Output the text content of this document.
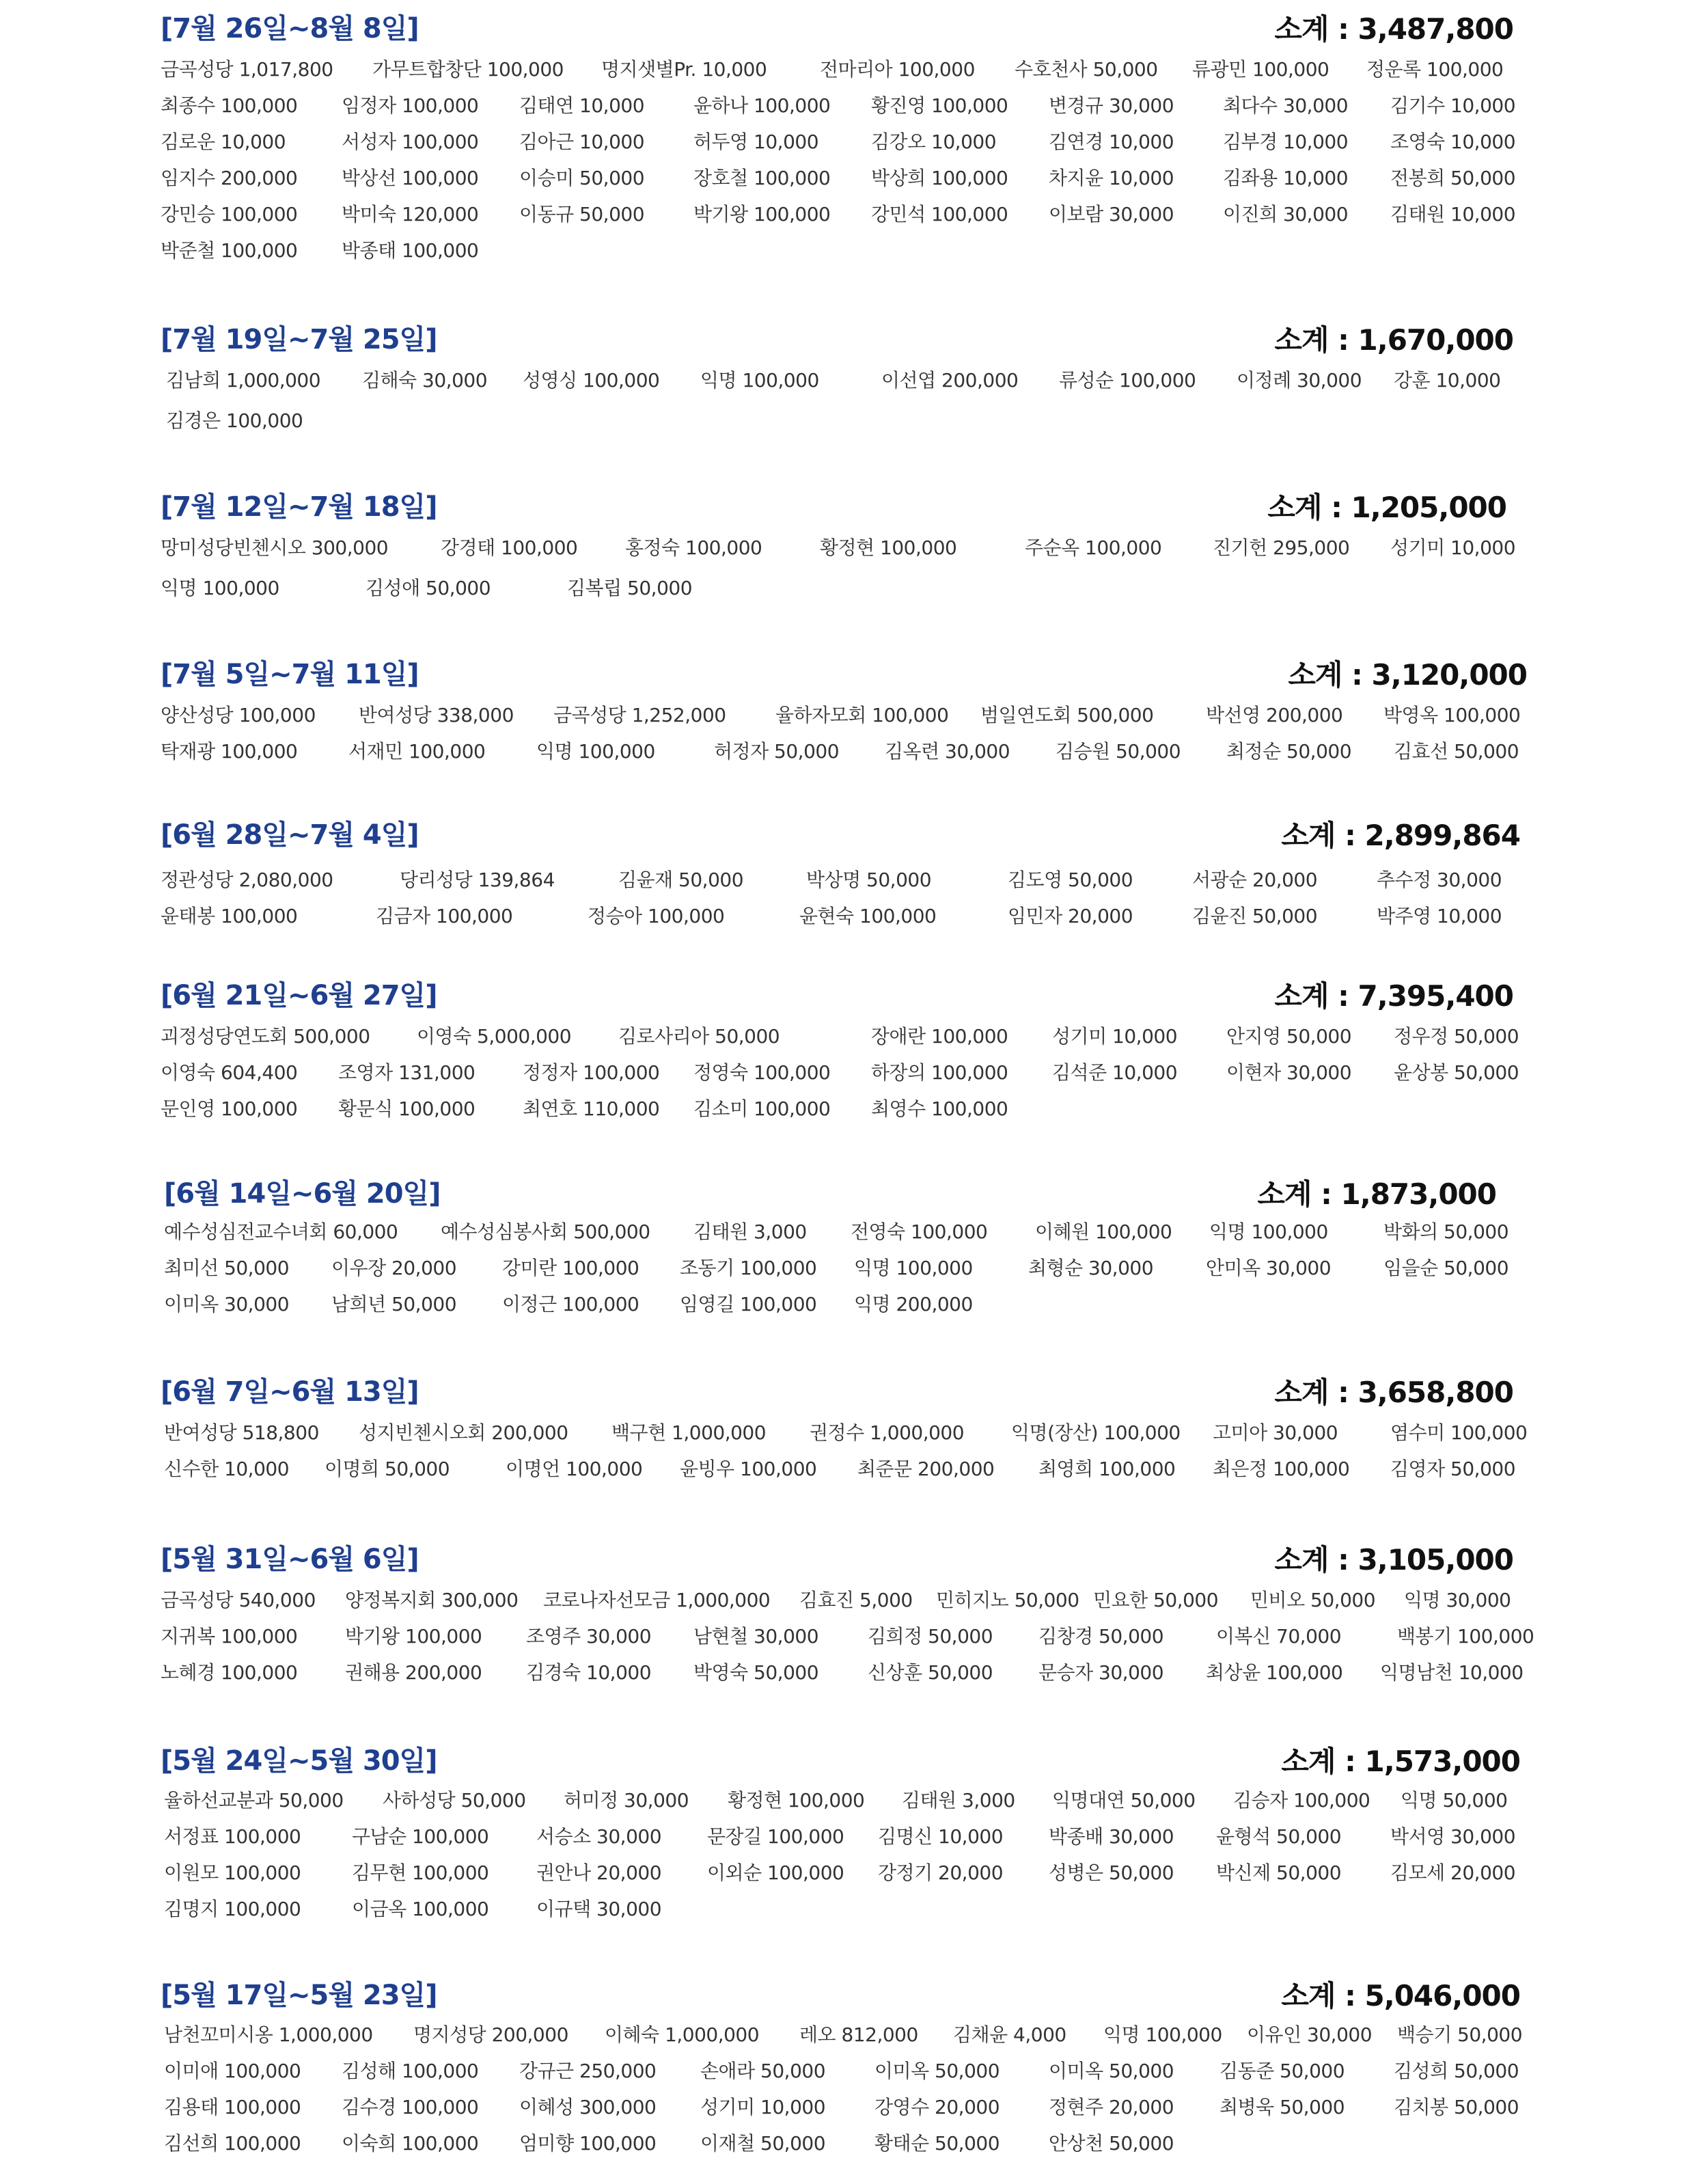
[7월 26일~8월 8일]	소계 : 3,487,800
금곡성당 1,017,800 가무트합창단 100,000 명지샛별Pr. 10,000	전마리아 100,000 수호천사 50,000 류광민 100,000 정운록 100,000
최종수 100,000 임정자 100,000 김태연 10,000	윤하나 100,000 황진영 100,000 변경규 30,000	최다수 30,000 김기수 10,000
김로운 10,000	서성자 100,000 김아근 10,000	허두영 10,000	김강오 10,000	김연경 10,000	김부경 10,000 조영숙 10,000
임지수 200,000 박상선 100,000 이승미 50,000	장호철 100,000 박상희 100,000 차지윤 10,000	김좌용 10,000 전봉희 50,000
강민승 100,000 박미숙 120,000 이동규 50,000	박기왕 100,000 강민석 100,000 이보람 30,000	이진희 30,000 김태원 10,000
박준철 100,000 박종태 100,000
[7월 19일~7월 25일]	소계 : 1,670,000
김남희 1,000,000 김해숙 30,000 성영싱 100,000 익명 100,000	이선엽 200,000 류성순 100,000 이정례 30,000 강훈 10,000
김경은 100,000
[7월 12일~7월 18일]	소계 : 1,205,000
망미성당빈첸시오 300,000	강경태 100,000 홍정숙 100,000	황정현 100,000	주순옥 100,000	진기헌 295,000 성기미 10,000
익명 100,000	김성애 50,000	김복립 50,000
[7월 5일~7월 11일]	소계 : 3,120,000
양산성당 100,000 반여성당 338,000 금곡성당 1,252,000	율하자모회 100,000 범일연도회 500,000	박선영 200,000 박영옥 100,000
탁재광 100,000	서재민 100,000	익명 100,000	허정자 50,000 김옥련 30,000 김승원 50,000 최정순 50,000 김효선 50,000
[6월 28일~7월 4일]	소계 : 2,899,864
정관성당 2,080,000	당리성당 139,864	김윤재 50,000	박상명 50,000	김도영 50,000	서광순 20,000	추수정 30,000
윤태봉 100,000	김금자 100,000	정승아 100,000	윤현숙 100,000	임민자 20,000	김윤진 50,000	박주영 10,000
[6월 21일~6월 27일]	소계 : 7,395,400
괴정성당연도회 500,000 이영숙 5,000,000 김로사리아 50,000	장애란 100,000 성기미 10,000	안지영 50,000 정우정 50,000
이영숙 604,400 조영자 131,000 정정자 100,000 정영숙 100,000 하장의 100,000 김석준 10,000	이현자 30,000 윤상봉 50,000
문인영 100,000 황문식 100,000 최연호 110,000 김소미 100,000 최영수 100,000
[6월 14일~6월 20일]	소계 : 1,873,000
예수성심전교수녀회 60,000 예수성심봉사회 500,000 김태원 3,000 전영숙 100,000 이혜원 100,000 익명 100,000	박화의 50,000
최미선 50,000 이우장 20,000 강미란 100,000 조동기 100,000 익명 100,000	최형순 30,000	안미옥 30,000	임을순 50,000
이미옥 30,000 남희년 50,000 이정근 100,000 임영길 100,000 익명 200,000
[6월 7일~6월 13일]	소계 : 3,658,800
반여성당 518,800 성지빈첸시오회 200,000 백구현 1,000,000 권정수 1,000,000 익명(장산) 100,000 고미아 30,000	염수미 100,000
신수한 10,000 이명희 50,000	이명언 100,000 윤빙우 100,000 최준문 200,000 최영희 100,000 최은정 100,000 김영자 50,000
[5월 31일~6월 6일]	소계 : 3,105,000
금곡성당 540,000 양정복지회 300,000 코로나자선모금 1,000,000 김효진 5,000 민히지노 50,000 민요한 50,000 민비오 50,000 익명 30,000
지귀복 100,000 박기왕 100,000 조영주 30,000 남현철 30,000	김희정 50,000 김창경 50,000	이복신 70,000	백봉기 100,000
노혜경 100,000 권해용 200,000 김경숙 10,000 박영숙 50,000	신상훈 50,000 문승자 30,000 최상윤 100,000 익명남천 10,000
[5월 24일~5월 30일]	소계 : 1,573,000
율하선교분과 50,000 사하성당 50,000 허미정 30,000 황정현 100,000 김태원 3,000 익명대연 50,000 김승자 100,000 익명 50,000
서정표 100,000	구남순 100,000 서승소 30,000 문장길 100,000 김명신 10,000 박종배 30,000 윤형석 50,000	박서영 30,000
이원모 100,000	김무현 100,000 권안나 20,000 이외순 100,000 강정기 20,000 성병은 50,000 박신제 50,000	김모세 20,000
김명지 100,000	이금옥 100,000 이규택 30,000
[5월 17일~5월 23일]	소계 : 5,046,000
남천꼬미시옹 1,000,000 명지성당 200,000 이혜숙 1,000,000 레오 812,000 김채윤 4,000 익명 100,000 이유인 30,000 백승기 50,000
이미애 100,000 김성해 100,000 강규근 250,000 손애라 50,000	이미옥 50,000	이미옥 50,000 김동준 50,000	김성희 50,000
김용태 100,000 김수경 100,000 이혜성 300,000 성기미 10,000	강영수 20,000	정현주 20,000 최병욱 50,000	김치봉 50,000
김선희 100,000 이숙희 100,000 엄미향 100,000 이재철 50,000	황태순 50,000	안상천 50,000
